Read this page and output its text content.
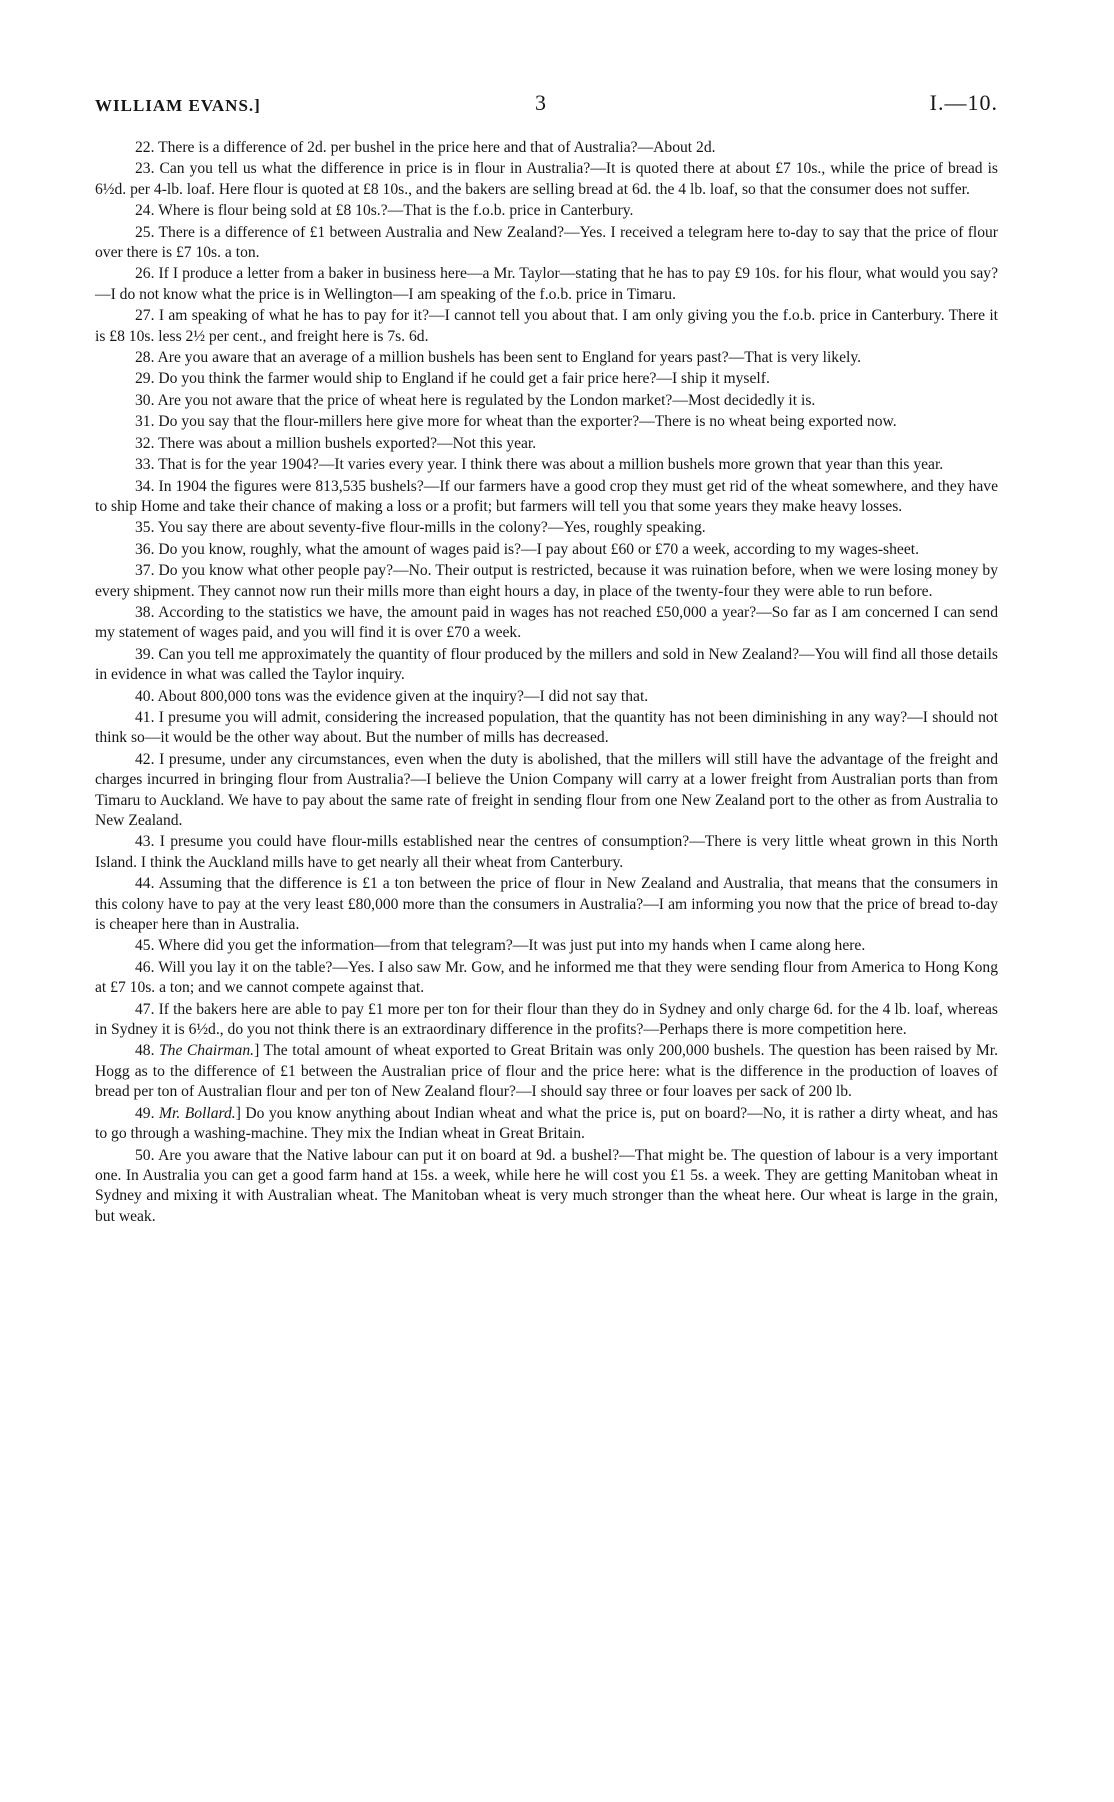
WILLIAM EVANS.]	3	I.—10.

22. There is a difference of 2d. per bushel in the price here and that of Australia?—About 2d.

23. Can you tell us what the difference in price is in flour in Australia?—It is quoted there at about £7 10s., while the price of bread is 6½d. per 4-lb. loaf. Here flour is quoted at £8 10s., and the bakers are selling bread at 6d. the 4 lb. loaf, so that the consumer does not suffer.

24. Where is flour being sold at £8 10s.?—That is the f.o.b. price in Canterbury.

25. There is a difference of £1 between Australia and New Zealand?—Yes. I received a telegram here to-day to say that the price of flour over there is £7 10s. a ton.

26. If I produce a letter from a baker in business here—a Mr. Taylor—stating that he has to pay £9 10s. for his flour, what would you say?—I do not know what the price is in Wellington—I am speaking of the f.o.b. price in Timaru.

27. I am speaking of what he has to pay for it?—I cannot tell you about that. I am only giving you the f.o.b. price in Canterbury. There it is £8 10s. less 2½ per cent., and freight here is 7s. 6d.

28. Are you aware that an average of a million bushels has been sent to England for years past?—That is very likely.

29. Do you think the farmer would ship to England if he could get a fair price here?—I ship it myself.

30. Are you not aware that the price of wheat here is regulated by the London market?—Most decidedly it is.

31. Do you say that the flour-millers here give more for wheat than the exporter?—There is no wheat being exported now.

32. There was about a million bushels exported?—Not this year.

33. That is for the year 1904?—It varies every year. I think there was about a million bushels more grown that year than this year.

34. In 1904 the figures were 813,535 bushels?—If our farmers have a good crop they must get rid of the wheat somewhere, and they have to ship Home and take their chance of making a loss or a profit; but farmers will tell you that some years they make heavy losses.

35. You say there are about seventy-five flour-mills in the colony?—Yes, roughly speaking.

36. Do you know, roughly, what the amount of wages paid is?—I pay about £60 or £70 a week, according to my wages-sheet.

37. Do you know what other people pay?—No. Their output is restricted, because it was ruination before, when we were losing money by every shipment. They cannot now run their mills more than eight hours a day, in place of the twenty-four they were able to run before.

38. According to the statistics we have, the amount paid in wages has not reached £50,000 a year?—So far as I am concerned I can send my statement of wages paid, and you will find it is over £70 a week.

39. Can you tell me approximately the quantity of flour produced by the millers and sold in New Zealand?—You will find all those details in evidence in what was called the Taylor inquiry.

40. About 800,000 tons was the evidence given at the inquiry?—I did not say that.

41. I presume you will admit, considering the increased population, that the quantity has not been diminishing in any way?—I should not think so—it would be the other way about. But the number of mills has decreased.

42. I presume, under any circumstances, even when the duty is abolished, that the millers will still have the advantage of the freight and charges incurred in bringing flour from Australia?—I believe the Union Company will carry at a lower freight from Australian ports than from Timaru to Auckland. We have to pay about the same rate of freight in sending flour from one New Zealand port to the other as from Australia to New Zealand.

43. I presume you could have flour-mills established near the centres of consumption?—There is very little wheat grown in this North Island. I think the Auckland mills have to get nearly all their wheat from Canterbury.

44. Assuming that the difference is £1 a ton between the price of flour in New Zealand and Australia, that means that the consumers in this colony have to pay at the very least £80,000 more than the consumers in Australia?—I am informing you now that the price of bread to-day is cheaper here than in Australia.

45. Where did you get the information—from that telegram?—It was just put into my hands when I came along here.

46. Will you lay it on the table?—Yes. I also saw Mr. Gow, and he informed me that they were sending flour from America to Hong Kong at £7 10s. a ton; and we cannot compete against that.

47. If the bakers here are able to pay £1 more per ton for their flour than they do in Sydney and only charge 6d. for the 4 lb. loaf, whereas in Sydney it is 6½d., do you not think there is an extraordinary difference in the profits?—Perhaps there is more competition here.

48. The Chairman.] The total amount of wheat exported to Great Britain was only 200,000 bushels. The question has been raised by Mr. Hogg as to the difference of £1 between the Australian price of flour and the price here: what is the difference in the production of loaves of bread per ton of Australian flour and per ton of New Zealand flour?—I should say three or four loaves per sack of 200 lb.

49. Mr. Bollard.] Do you know anything about Indian wheat and what the price is, put on board?—No, it is rather a dirty wheat, and has to go through a washing-machine. They mix the Indian wheat in Great Britain.

50. Are you aware that the Native labour can put it on board at 9d. a bushel?—That might be. The question of labour is a very important one. In Australia you can get a good farm hand at 15s. a week, while here he will cost you £1 5s. a week. They are getting Manitoban wheat in Sydney and mixing it with Australian wheat. The Manitoban wheat is very much stronger than the wheat here. Our wheat is large in the grain, but weak.
